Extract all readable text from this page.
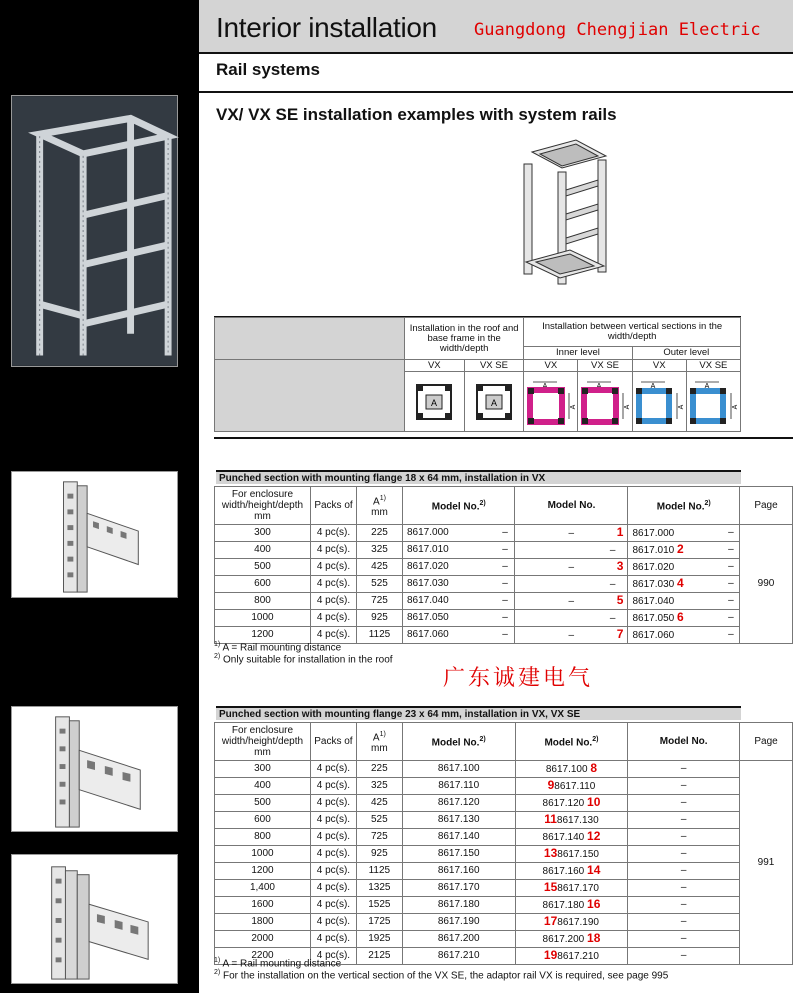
Interior installation Guangdong Chengjian Electric
Rail systems
VX/ VX SE installation examples with system rails
	Installation in the roof and base frame in the width/depth		Installation between vertical sections in the width/depth			
			Inner level		Outer level	
	VX	VX SE	VX	VX SE	VX	VX SE

A	A	A
A	A
A	A
A	A
A
Punched section with mounting flange 18 x 64 mm, installation in VX
For enclosure width/height/depth mm	Packs of	$A^{1)}$
mm	Model No.$^{2)}$		Model No.	Model No.$^{2)}$		Page
300	4 pc(s).	225	8617.000	–	– 1	8617.000	–	990
400	4 pc(s).	325	8617.010	–	–	8617.010 2	–	
500	4 pc(s).	425	8617.020	–	– 3	8617.020	–	
600	4 pc(s).	525	8617.030	–	–	8617.030 4	–	
800	4 pc(s).	725	8617.040	–	– 5	8617.040	–	
1000	4 pc(s).	925	8617.050	–	–	8617.050 6	–	
1200	4 pc(s).	1125	8617.060	–	– 7	8617.060	–	
$^{1)}$ A = Rail mounting distance
$^{2)}$ Only suitable for installation in the roof
广东诚建电气
Punched section with mounting flange 23 x 64 mm, installation in VX, VX SE
For enclosure width/height/depth mm	Packs of	$A^{1)}$
mm	Model No.$^{2)}$	Model No.$^{2)}$	Model No.	Page
300	4 pc(s).	225	8617.100	8617.100 8	–	991
400	4 pc(s).	325	8617.110	98617.110	–	
500	4 pc(s).	425	8617.120	8617.120 10	–	
600	4 pc(s).	525	8617.130	118617.130	–	
800	4 pc(s).	725	8617.140	8617.140 12	–	
1000	4 pc(s).	925	8617.150	138617.150	–	
1200	4 pc(s).	1125	8617.160	8617.160 14	–	
1,400	4 pc(s).	1325	8617.170	158617.170	–	
1600	4 pc(s).	1525	8617.180	8617.180 16	–	
1800	4 pc(s).	1725	8617.190	178617.190	–	
2000	4 pc(s).	1925	8617.200	8617.200 18	–	
2200	4 pc(s).	2125	8617.210	198617.210	–	
$^{1)}$ A = Rail mounting distance
$^{2)}$ For the installation on the vertical section of the VX SE, the adaptor rail VX is required, see page 995
